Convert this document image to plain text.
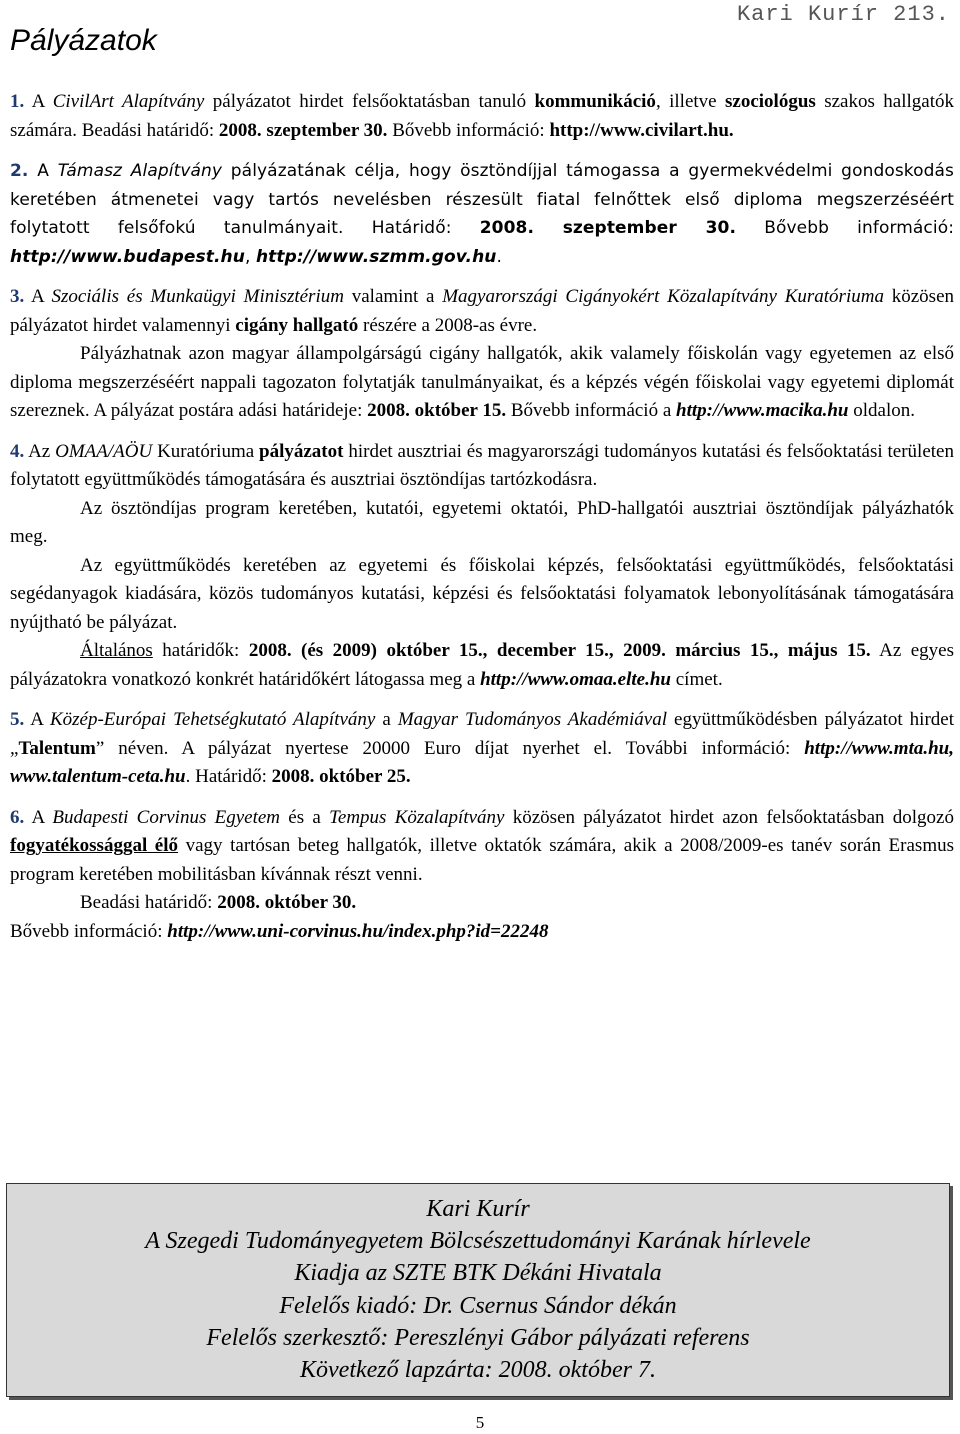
Kari Kurír 213.
Pályázatok

1. A CivilArt Alapítvány pályázatot hirdet felsőoktatásban tanuló kommunikáció, illetve szociológus szakos hallgatók számára. Beadási határidő: 2008. szeptember 30. Bővebb információ: http://www.civilart.hu.

2. A Támasz Alapítvány pályázatának célja, hogy ösztöndíjjal támogassa a gyermekvédelmi gondoskodás keretében átmenetei vagy tartós nevelésben részesült fiatal felnőttek első diploma megszerzéséért folytatott felsőfokú tanulmányait. Határidő: 2008. szeptember 30. Bővebb információ: http://www.budapest.hu, http://www.szmm.gov.hu.

3. A Szociális és Munkaügyi Minisztérium valamint a Magyarországi Cigányokért Közalapítvány Kuratóriuma közösen pályázatot hirdet valamennyi cigány hallgató részére a 2008-as évre.

Pályázhatnak azon magyar állampolgárságú cigány hallgatók, akik valamely főiskolán vagy egyetemen az első diploma megszerzéséért nappali tagozaton folytatják tanulmányaikat, és a képzés végén főiskolai vagy egyetemi diplomát szereznek. A pályázat postára adási határideje: 2008. október 15. Bővebb információ a http://www.macika.hu oldalon.

4. Az OMAA/AÖU Kuratóriuma pályázatot hirdet ausztriai és magyarországi tudományos kutatási és felsőoktatási területen folytatott együttműködés támogatására és ausztriai ösztöndíjas tartózkodásra.

Az ösztöndíjas program keretében, kutatói, egyetemi oktatói, PhD-hallgatói ausztriai ösztöndíjak pályázhatók meg.

Az együttműködés keretében az egyetemi és főiskolai képzés, felsőoktatási együttműködés, felsőoktatási segédanyagok kiadására, közös tudományos kutatási, képzési és felsőoktatási folyamatok lebonyolításának támogatására nyújtható be pályázat.

Általános határidők: 2008. (és 2009) október 15., december 15., 2009. március 15., május 15. Az egyes pályázatokra vonatkozó konkrét határidőkért látogassa meg a http://www.omaa.elte.hu címet.

5. A Közép-Európai Tehetségkutató Alapítvány a Magyar Tudományos Akadémiával együttműködésben pályázatot hirdet „Talentum” néven. A pályázat nyertese 20000 Euro díjat nyerhet el. További információ: http://www.mta.hu, www.talentum-ceta.hu. Határidő: 2008. október 25.

6. A Budapesti Corvinus Egyetem és a Tempus Közalapítvány közösen pályázatot hirdet azon felsőoktatásban dolgozó fogyatékossággal élő vagy tartósan beteg hallgatók, illetve oktatók számára, akik a 2008/2009-es tanév során Erasmus program keretében mobilitásban kívánnak részt venni.

Beadási határidő: 2008. október 30.

Bővebb információ: http://www.uni-corvinus.hu/index.php?id=22248

Kari Kurír
A Szegedi Tudományegyetem Bölcsészettudományi Karának hírlevele
Kiadja az SZTE BTK Dékáni Hivatala
Felelős kiadó: Dr. Csernus Sándor dékán
Felelős szerkesztő: Pereszlényi Gábor pályázati referens
Következő lapzárta: 2008. október 7.
5
